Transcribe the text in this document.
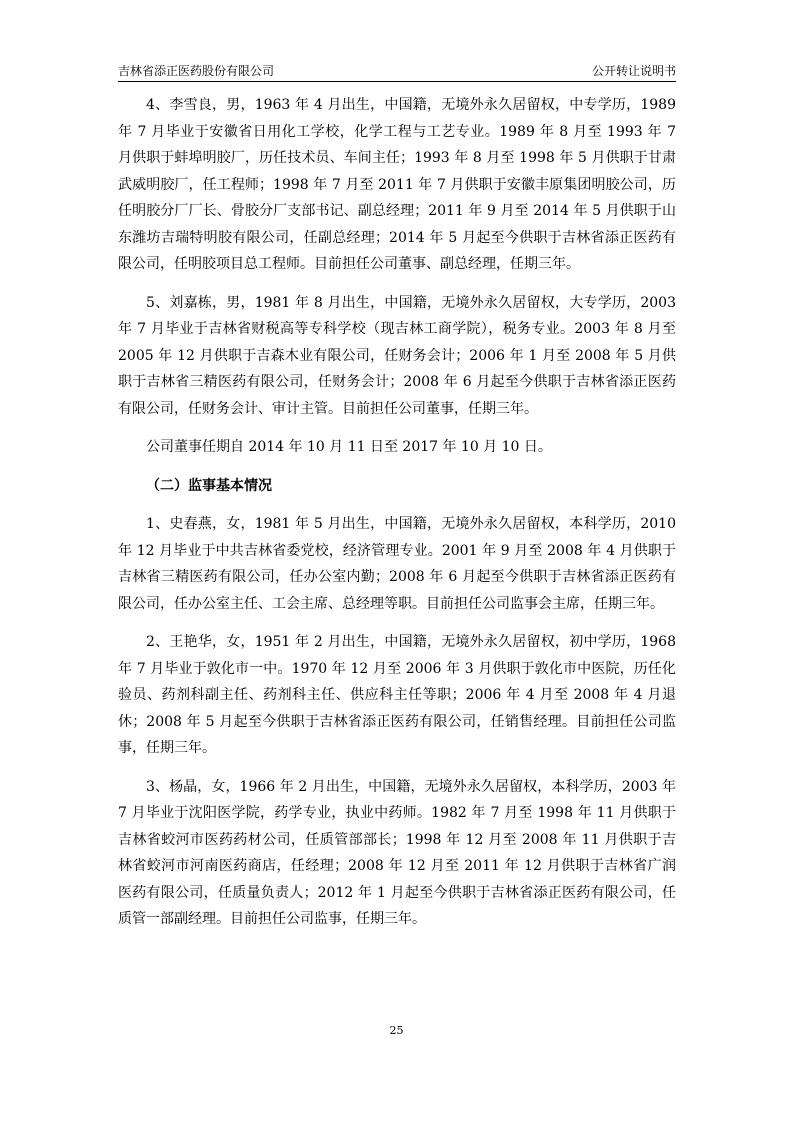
吉林省添正医药股份有限公司	公开转让说明书

4、李雪良，男，1963 年 4 月出生，中国籍，无境外永久居留权，中专学历，1989 年 7 月毕业于安徽省日用化工学校，化学工程与工艺专业。1989 年 8 月至 1993 年 7 月供职于蚌埠明胶厂，历任技术员、车间主任；1993 年 8 月至 1998 年 5 月供职于甘肃武威明胶厂，任工程师；1998 年 7 月至 2011 年 7 月供职于安徽丰原集团明胶公司，历任明胶分厂厂长、骨胶分厂支部书记、副总经理；2011 年 9 月至 2014 年 5 月供职于山东潍坊吉瑞特明胶有限公司，任副总经理；2014 年 5 月起至今供职于吉林省添正医药有限公司，任明胶项目总工程师。目前担任公司董事、副总经理，任期三年。

5、刘嘉栋，男，1981 年 8 月出生，中国籍，无境外永久居留权，大专学历，2003 年 7 月毕业于吉林省财税高等专科学校（现吉林工商学院），税务专业。2003 年 8 月至 2005 年 12 月供职于吉森木业有限公司，任财务会计；2006 年 1 月至 2008 年 5 月供职于吉林省三精医药有限公司，任财务会计；2008 年 6 月起至今供职于吉林省添正医药有限公司，任财务会计、审计主管。目前担任公司董事，任期三年。

公司董事任期自 2014 年 10 月 11 日至 2017 年 10 月 10 日。

（二）监事基本情况

1、史春燕，女，1981 年 5 月出生，中国籍，无境外永久居留权，本科学历，2010 年 12 月毕业于中共吉林省委党校，经济管理专业。2001 年 9 月至 2008 年 4 月供职于吉林省三精医药有限公司，任办公室内勤；2008 年 6 月起至今供职于吉林省添正医药有限公司，任办公室主任、工会主席、总经理等职。目前担任公司监事会主席，任期三年。

2、王艳华，女，1951 年 2 月出生，中国籍，无境外永久居留权，初中学历，1968 年 7 月毕业于敦化市一中。1970 年 12 月至 2006 年 3 月供职于敦化市中医院，历任化验员、药剂科副主任、药剂科主任、供应科主任等职；2006 年 4 月至 2008 年 4 月退休；2008 年 5 月起至今供职于吉林省添正医药有限公司，任销售经理。目前担任公司监事，任期三年。

3、杨晶，女，1966 年 2 月出生，中国籍，无境外永久居留权，本科学历，2003 年 7 月毕业于沈阳医学院，药学专业，执业中药师。1982 年 7 月至 1998 年 11 月供职于吉林省蛟河市医药药材公司，任质管部部长；1998 年 12 月至 2008 年 11 月供职于吉林省蛟河市河南医药商店，任经理；2008 年 12 月至 2011 年 12 月供职于吉林省广润医药有限公司，任质量负责人；2012 年 1 月起至今供职于吉林省添正医药有限公司，任质管一部副经理。目前担任公司监事，任期三年。

25
